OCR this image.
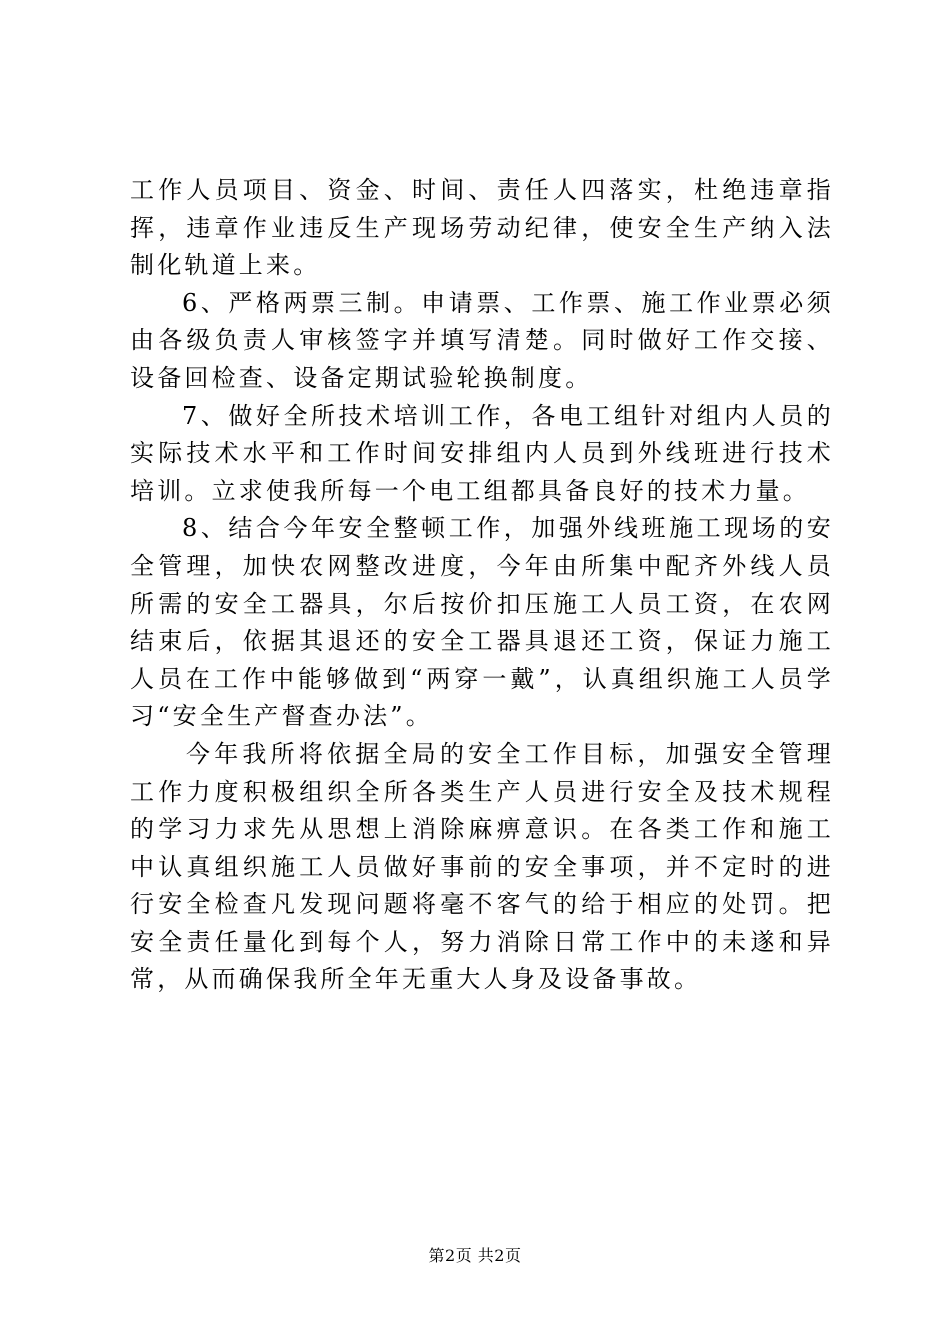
工作人员项目、资金、时间、责任人四落实，杜绝违章指挥，违章作业违反生产现场劳动纪律，使安全生产纳入法制化轨道上来。

6、严格两票三制。申请票、工作票、施工作业票必须由各级负责人审核签字并填写清楚。同时做好工作交接、设备回检查、设备定期试验轮换制度。

7、做好全所技术培训工作，各电工组针对组内人员的实际技术水平和工作时间安排组内人员到外线班进行技术培训。立求使我所每一个电工组都具备良好的技术力量。

8、结合今年安全整顿工作，加强外线班施工现场的安全管理，加快农网整改进度，今年由所集中配齐外线人员所需的安全工器具，尔后按价扣压施工人员工资，在农网结束后，依据其退还的安全工器具退还工资，保证力施工人员在工作中能够做到“两穿一戴”，认真组织施工人员学习“安全生产督查办法”。

今年我所将依据全局的安全工作目标，加强安全管理工作力度积极组织全所各类生产人员进行安全及技术规程的学习力求先从思想上消除麻痹意识。在各类工作和施工中认真组织施工人员做好事前的安全事项，并不定时的进行安全检查凡发现问题将毫不客气的给于相应的处罚。把安全责任量化到每个人，努力消除日常工作中的未遂和异常，从而确保我所全年无重大人身及设备事故。

第2页 共2页
